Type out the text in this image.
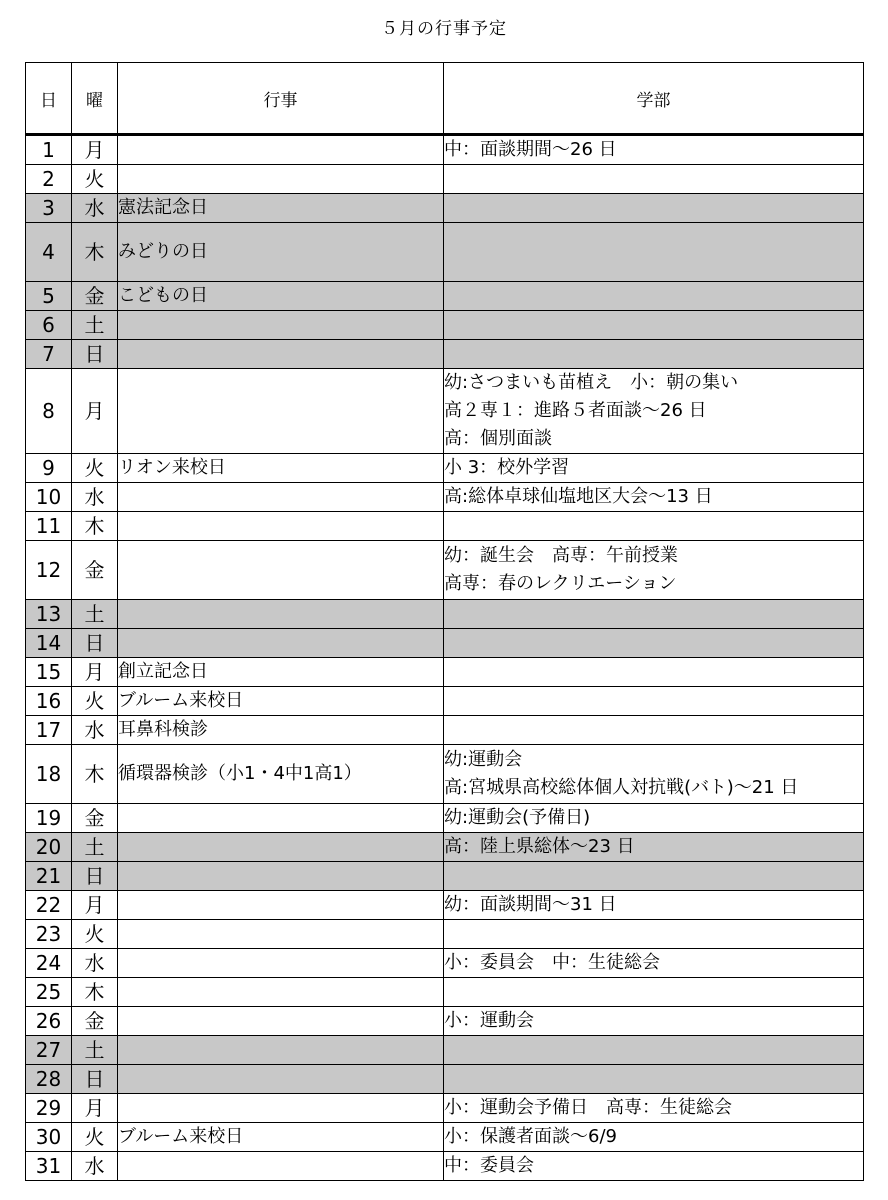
５月の行事予定
日	曜	行事	学部
1	月		中：面談期間～26 日

2	火		
3	水	憲法記念日	
4	木	みどりの日	
5	金	こどもの日	
6	土		
7	日		
8	月		幼:さつまいも苗植え　小：朝の集い
高２専１：進路５者面談～26 日
高：個別面談

9	火	リオン来校日	小 3：校外学習

10	水		高:総体卓球仙塩地区大会～13 日

11	木		
12	金		幼：誕生会　高専：午前授業
高専：春のレクリエーション

13	土		
14	日		
15	月	創立記念日	
16	火	ブルーム来校日	
17	水	耳鼻科検診	
18	木	循環器検診（小1・4中1高1）	幼:運動会
高:宮城県高校総体個人対抗戦(バト)～21 日

19	金		幼:運動会(予備日)

20	土		高：陸上県総体～23 日

21	日		
22	月		幼：面談期間～31 日

23	火		
24	水		小：委員会　中：生徒総会

25	木		
26	金		小：運動会

27	土		
28	日		
29	月		小：運動会予備日　高専：生徒総会

30	火	ブルーム来校日	小：保護者面談～6/9

31	水		中：委員会
